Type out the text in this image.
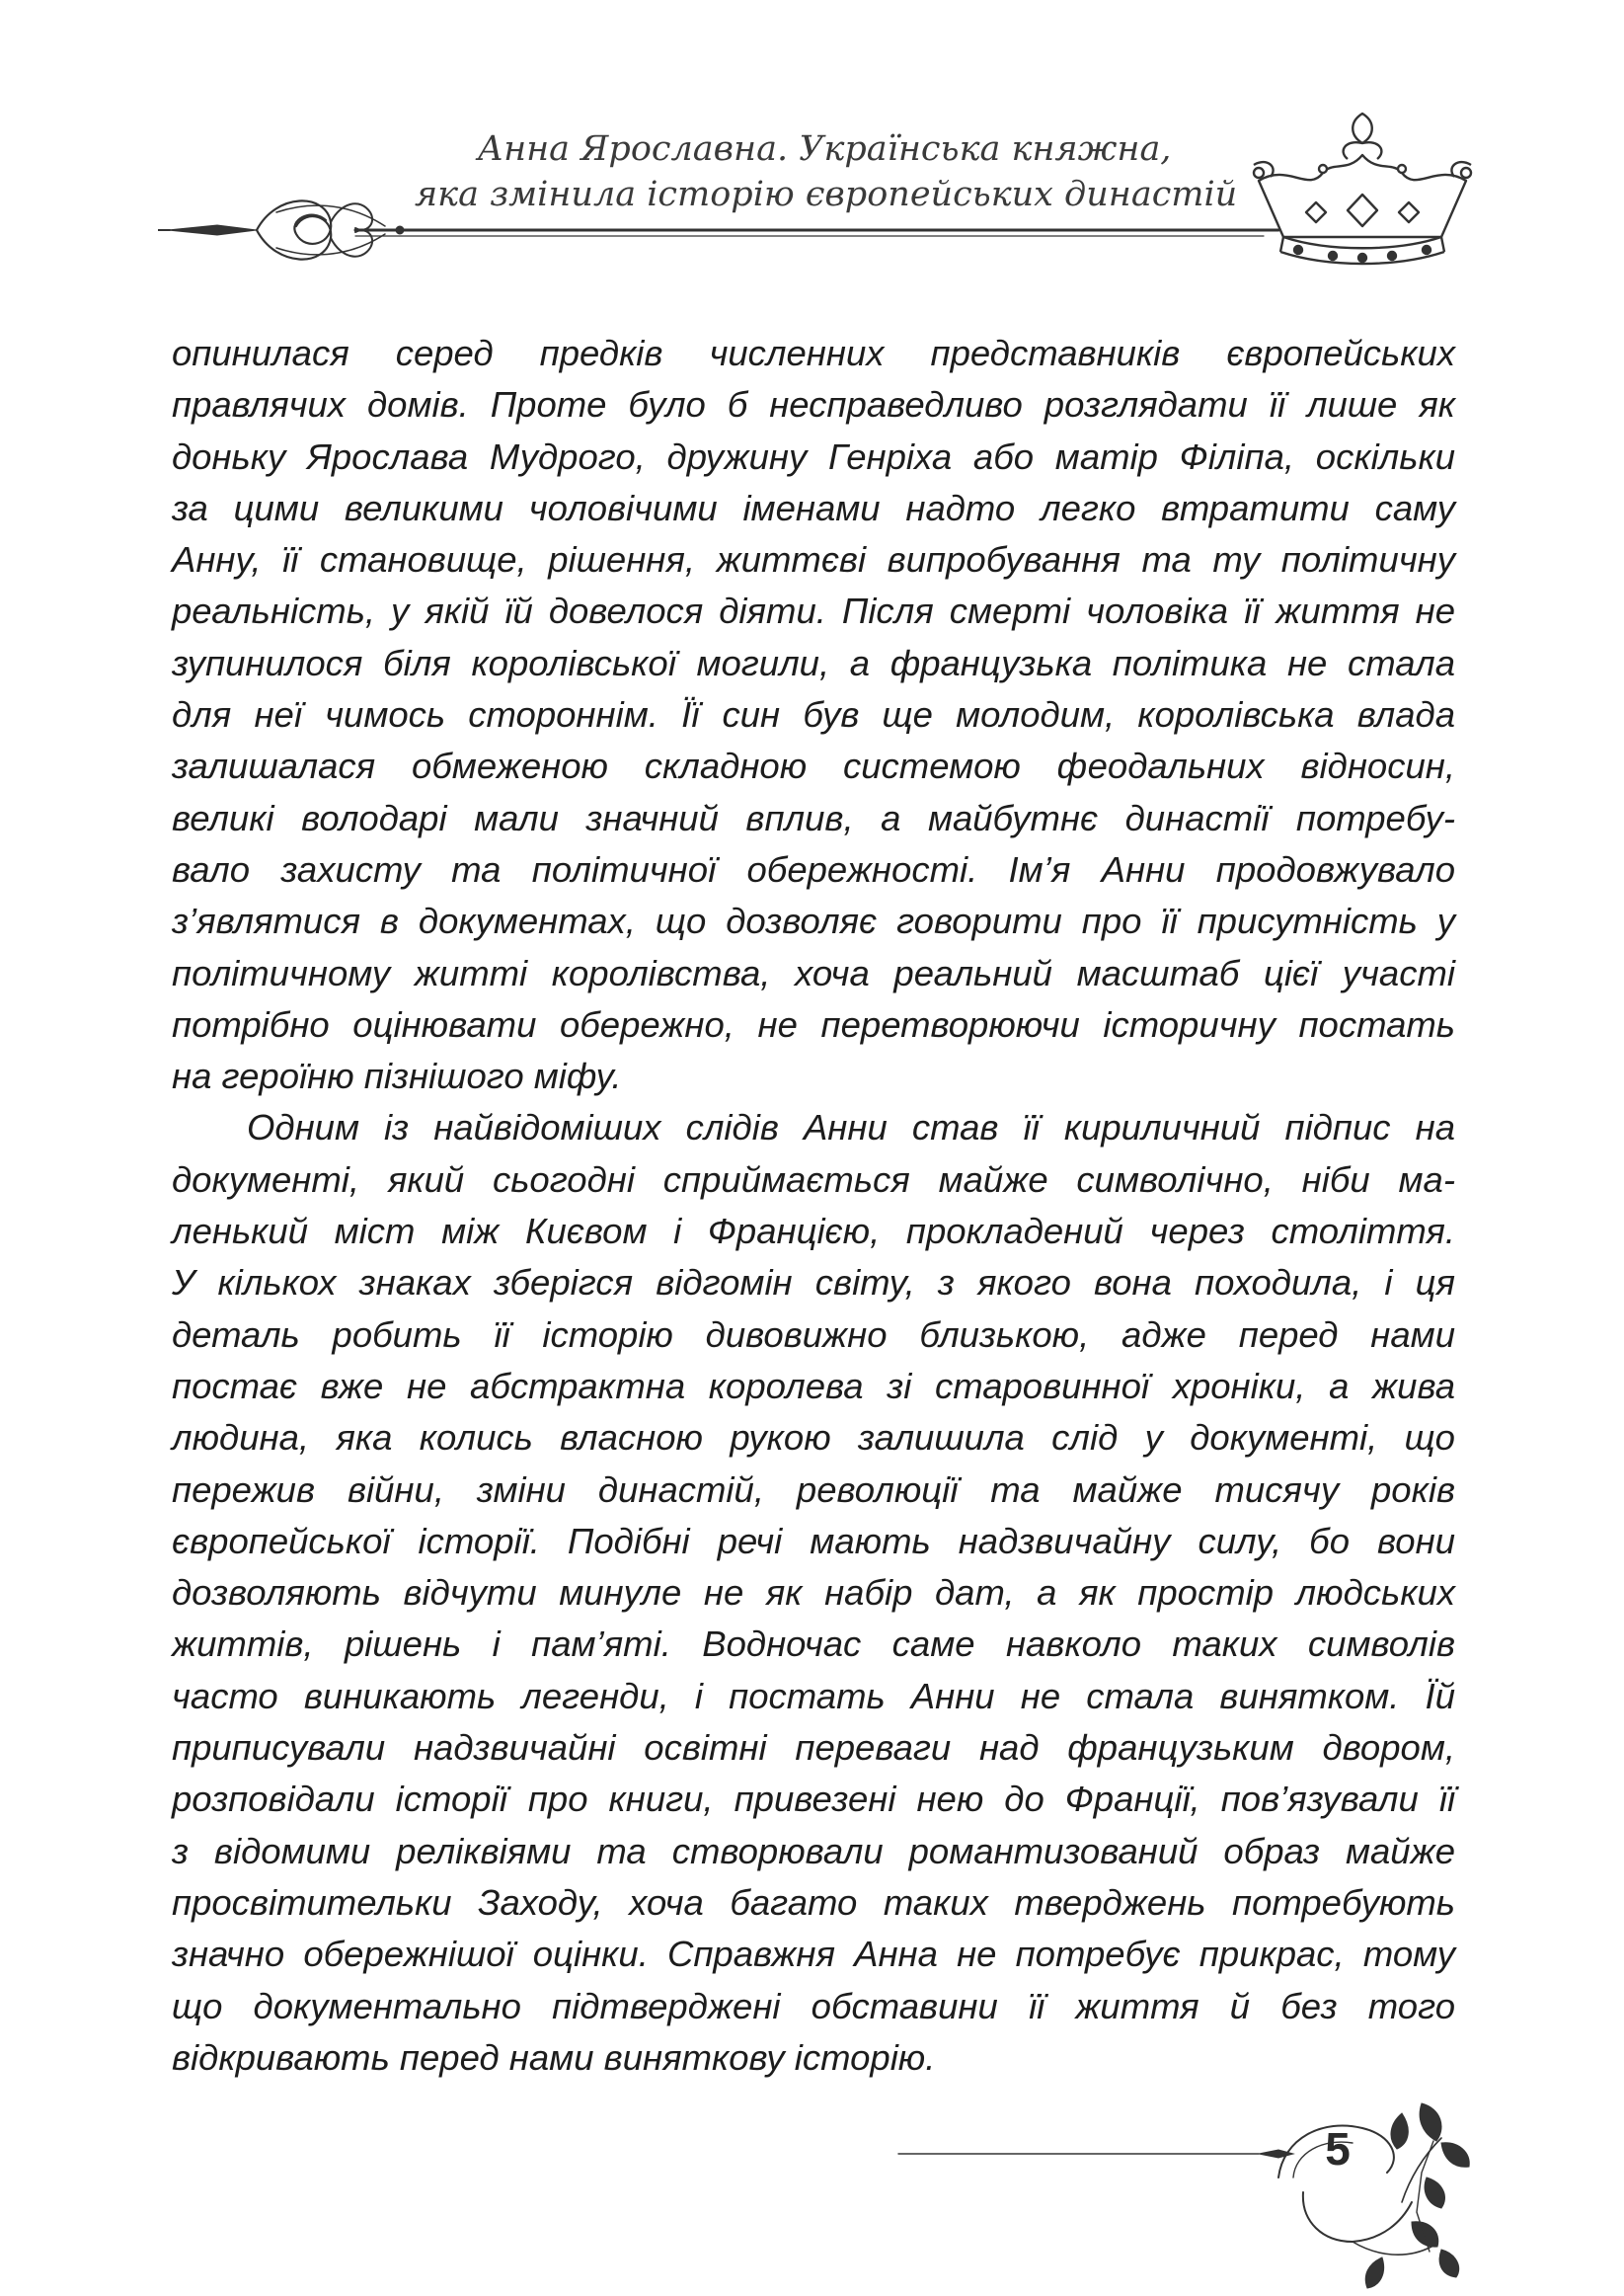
Анна Ярославна. Українська княжна,
яка змінила історію європейських династій
опинилася серед предків численних представників європейських
правлячих домів. Проте було б несправедливо розглядати її лише як
доньку Ярослава Мудрого, дружину Генріха або матір Філіпа, оскільки
за цими великими чоловічими іменами надто легко втратити саму
Анну, її становище, рішення, життєві випробування та ту політичну
реальність, у якій їй довелося діяти. Після смерті чоловіка її життя не
зупинилося біля королівської могили, а французька політика не стала
для неї чимось стороннім. Її син був ще молодим, королівська влада
залишалася обмеженою складною системою феодальних відносин,
великі володарі мали значний вплив, а майбутнє династії потребу-
вало захисту та політичної обережності. Ім’я Анни продовжувало
з’являтися в документах, що дозволяє говорити про її присутність у
політичному житті королівства, хоча реальний масштаб цієї участі
потрібно оцінювати обережно, не перетворюючи історичну постать
на героїню пізнішого міфу.
Одним із найвідоміших слідів Анни став її кириличний підпис на
документі, який сьогодні сприймається майже символічно, ніби ма-
ленький міст між Києвом і Францією, прокладений через століття.
У кількох знаках зберігся відгомін світу, з якого вона походила, і ця
деталь робить її історію дивовижно близькою, адже перед нами
постає вже не абстрактна королева зі старовинної хроніки, а жива
людина, яка колись власною рукою залишила слід у документі, що
пережив війни, зміни династій, революції та майже тисячу років
європейської історії. Подібні речі мають надзвичайну силу, бо вони
дозволяють відчути минуле не як набір дат, а як простір людських
життів, рішень і пам’яті. Водночас саме навколо таких символів
часто виникають легенди, і постать Анни не стала винятком. Їй
приписували надзвичайні освітні переваги над французьким двором,
розповідали історії про книги, привезені нею до Франції, пов’язували її
з відомими реліквіями та створювали романтизований образ майже
просвітительки Заходу, хоча багато таких тверджень потребують
значно обережнішої оцінки. Справжня Анна не потребує прикрас, тому
що документально підтверджені обставини її життя й без того
відкривають перед нами виняткову історію.
5
